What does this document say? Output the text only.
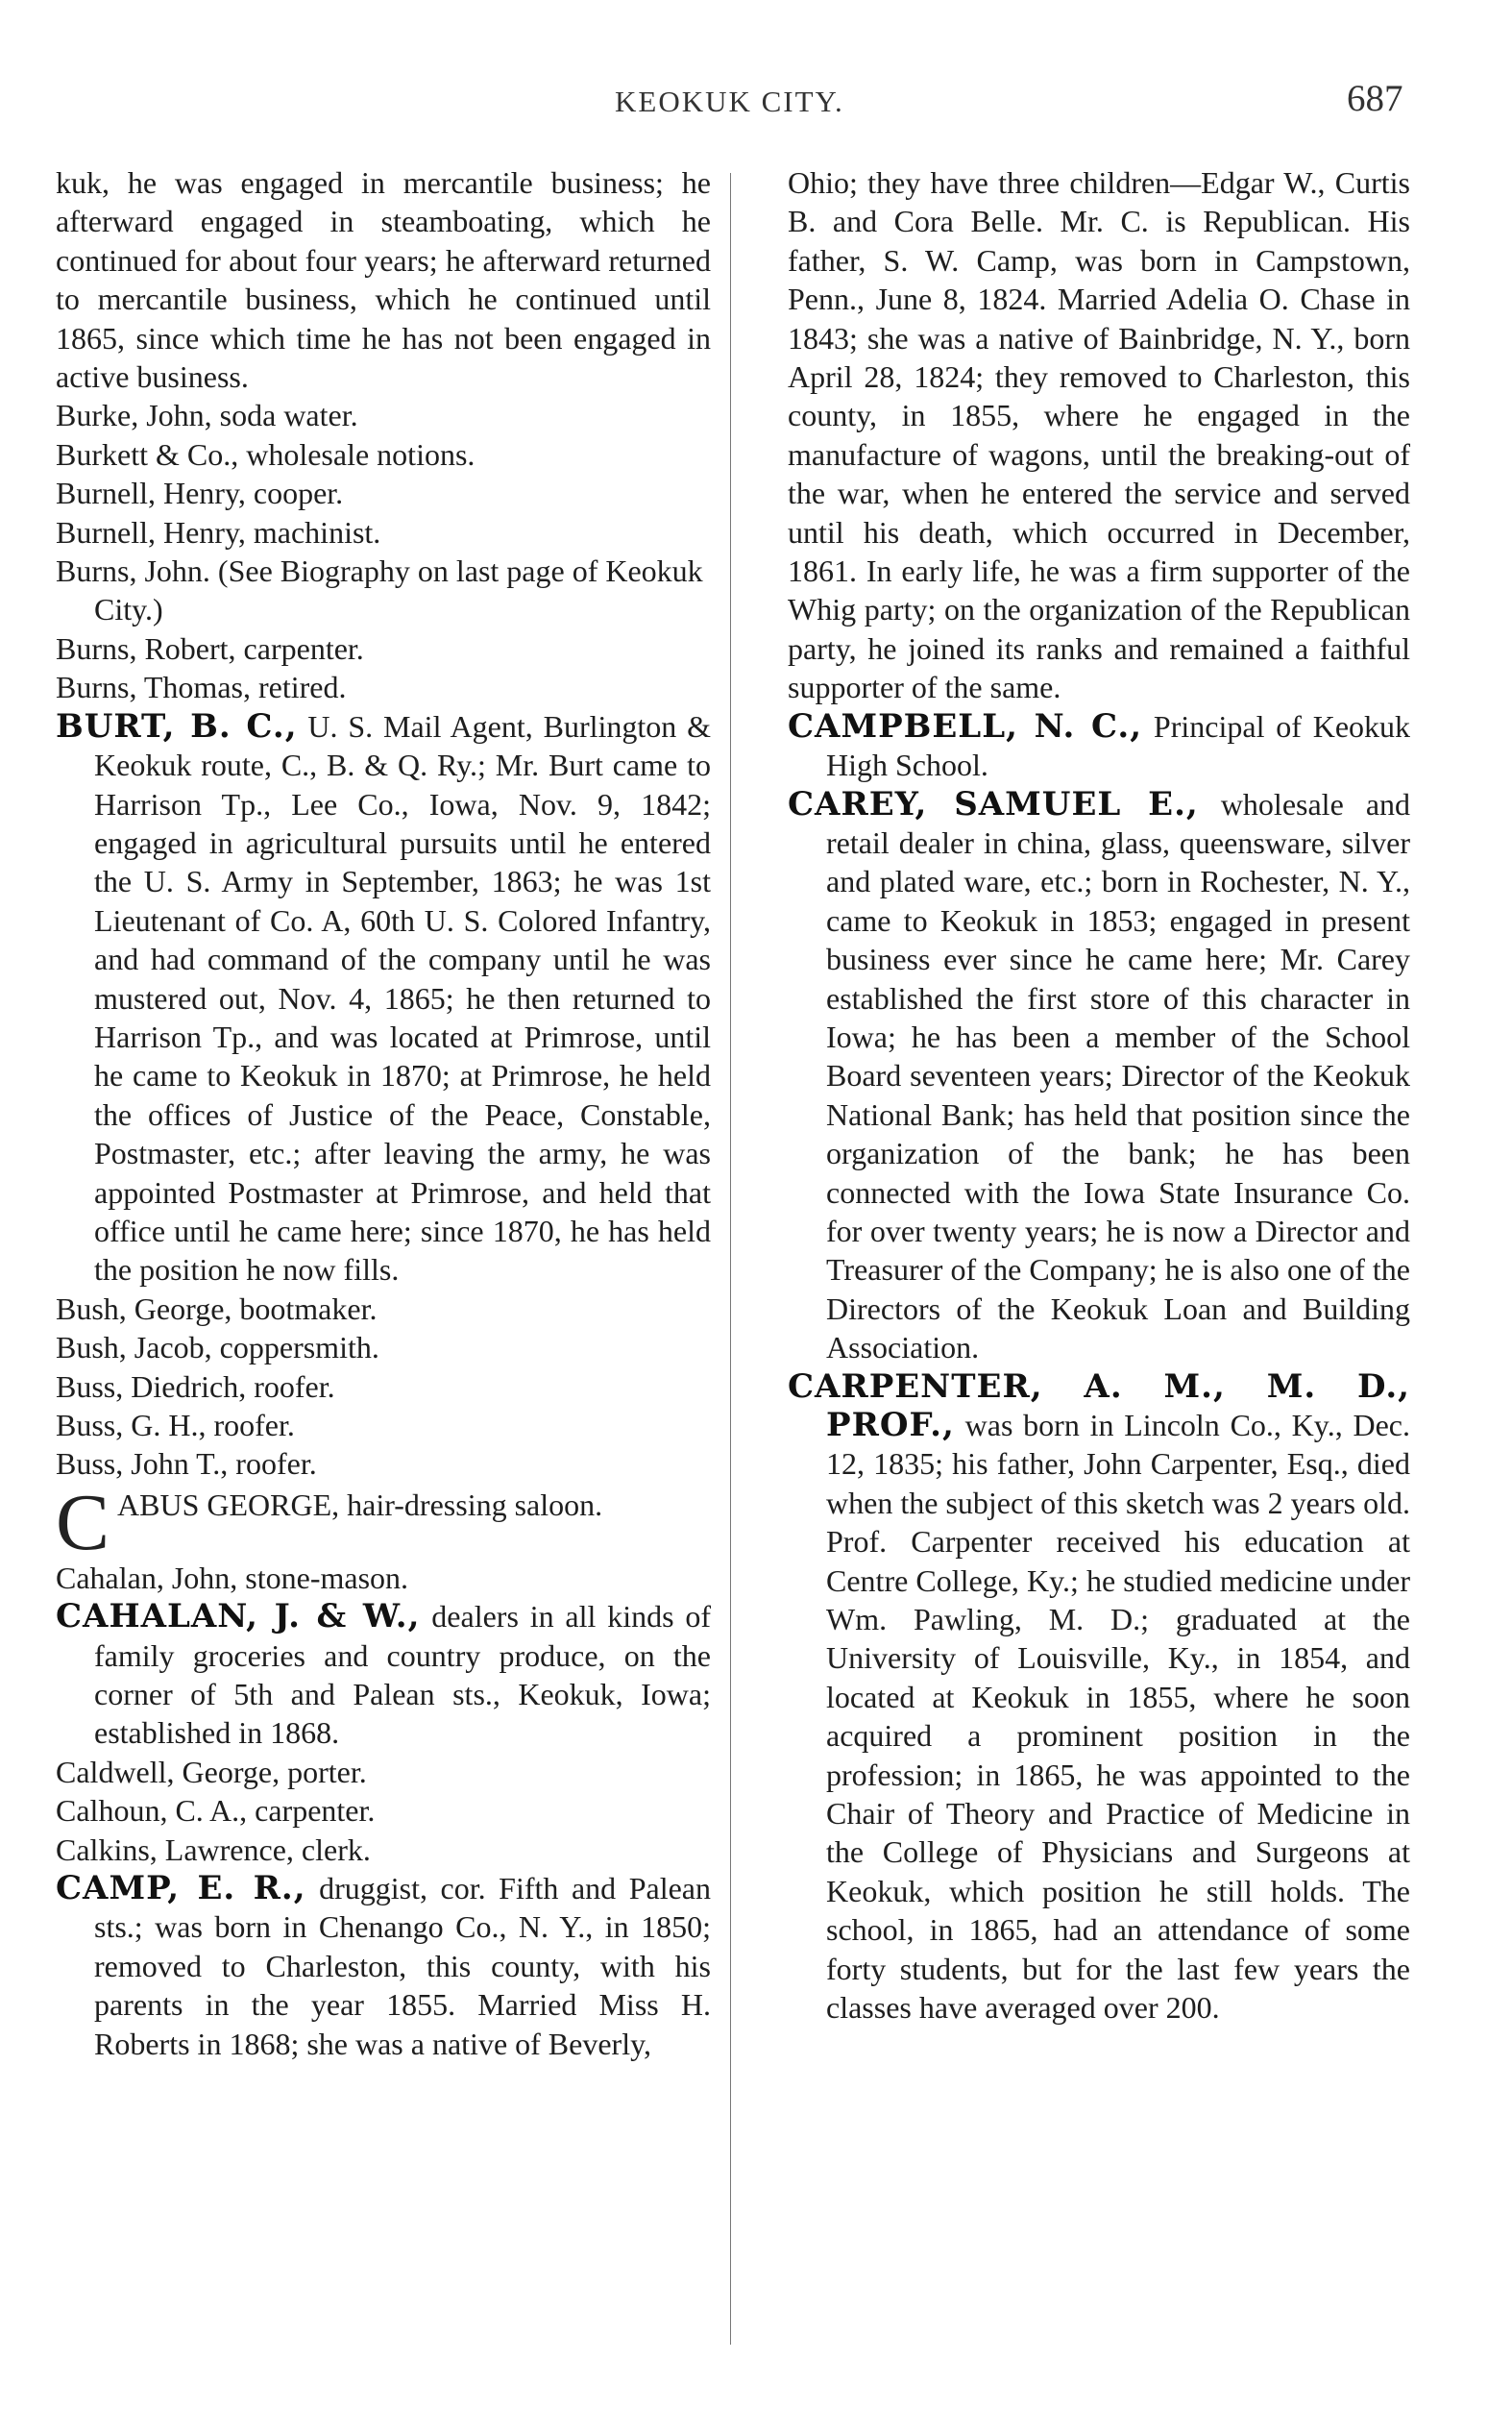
KEOKUK CITY.	687

kuk, he was engaged in mercantile business; he afterward engaged in steamboating, which he continued for about four years; he afterward returned to mercantile business, which he continued until 1865, since which time he has not been engaged in active business.

Burke, John, soda water.

Burkett & Co., wholesale notions.

Burnell, Henry, cooper.

Burnell, Henry, machinist.

Burns, John. (See Biography on last page of Keokuk City.)

Burns, Robert, carpenter.

Burns, Thomas, retired.

BURT, B. C., U. S. Mail Agent, Burlington & Keokuk route, C., B. & Q. Ry.; Mr. Burt came to Harrison Tp., Lee Co., Iowa, Nov. 9, 1842; engaged in agricultural pursuits until he entered the U. S. Army in September, 1863; he was 1st Lieutenant of Co. A, 60th U. S. Colored Infantry, and had command of the company until he was mustered out, Nov. 4, 1865; he then returned to Harrison Tp., and was located at Primrose, until he came to Keokuk in 1870; at Primrose, he held the offices of Justice of the Peace, Constable, Postmaster, etc.; after leaving the army, he was appointed Postmaster at Primrose, and held that office until he came here; since 1870, he has held the position he now fills.

Bush, George, bootmaker.

Bush, Jacob, coppersmith.

Buss, Diedrich, roofer.

Buss, G. H., roofer.

Buss, John T., roofer.

C ABUS GEORGE, hair-dressing saloon.

Cahalan, John, stone-mason.

CAHALAN, J. & W., dealers in all kinds of family groceries and country produce, on the corner of 5th and Palean sts., Keokuk, Iowa; established in 1868.

Caldwell, George, porter.

Calhoun, C. A., carpenter.

Calkins, Lawrence, clerk.

CAMP, E. R., druggist, cor. Fifth and Palean sts.; was born in Chenango Co., N. Y., in 1850; removed to Charleston, this county, with his parents in the year 1855. Married Miss H. Roberts in 1868; she was a native of Beverly,

Ohio; they have three children—Edgar W., Curtis B. and Cora Belle. Mr. C. is Republican. His father, S. W. Camp, was born in Campstown, Penn., June 8, 1824. Married Adelia O. Chase in 1843; she was a native of Bainbridge, N. Y., born April 28, 1824; they removed to Charleston, this county, in 1855, where he engaged in the manufacture of wagons, until the breaking-out of the war, when he entered the service and served until his death, which occurred in December, 1861. In early life, he was a firm supporter of the Whig party; on the organization of the Republican party, he joined its ranks and remained a faithful supporter of the same.

CAMPBELL, N. C., Principal of Keokuk High School.

CAREY, SAMUEL E., wholesale and retail dealer in china, glass, queensware, silver and plated ware, etc.; born in Rochester, N. Y., came to Keokuk in 1853; engaged in present business ever since he came here; Mr. Carey established the first store of this character in Iowa; he has been a member of the School Board seventeen years; Director of the Keokuk National Bank; has held that position since the organization of the bank; he has been connected with the Iowa State Insurance Co. for over twenty years; he is now a Director and Treasurer of the Company; he is also one of the Directors of the Keokuk Loan and Building Association.

CARPENTER, A. M., M. D., PROF., was born in Lincoln Co., Ky., Dec. 12, 1835; his father, John Carpenter, Esq., died when the subject of this sketch was 2 years old. Prof. Carpenter received his education at Centre College, Ky.; he studied medicine under Wm. Pawling, M. D.; graduated at the University of Louisville, Ky., in 1854, and located at Keokuk in 1855, where he soon acquired a prominent position in the profession; in 1865, he was appointed to the Chair of Theory and Practice of Medicine in the College of Physicians and Surgeons at Keokuk, which position he still holds. The school, in 1865, had an attendance of some forty students, but for the last few years the classes have averaged over 200.
